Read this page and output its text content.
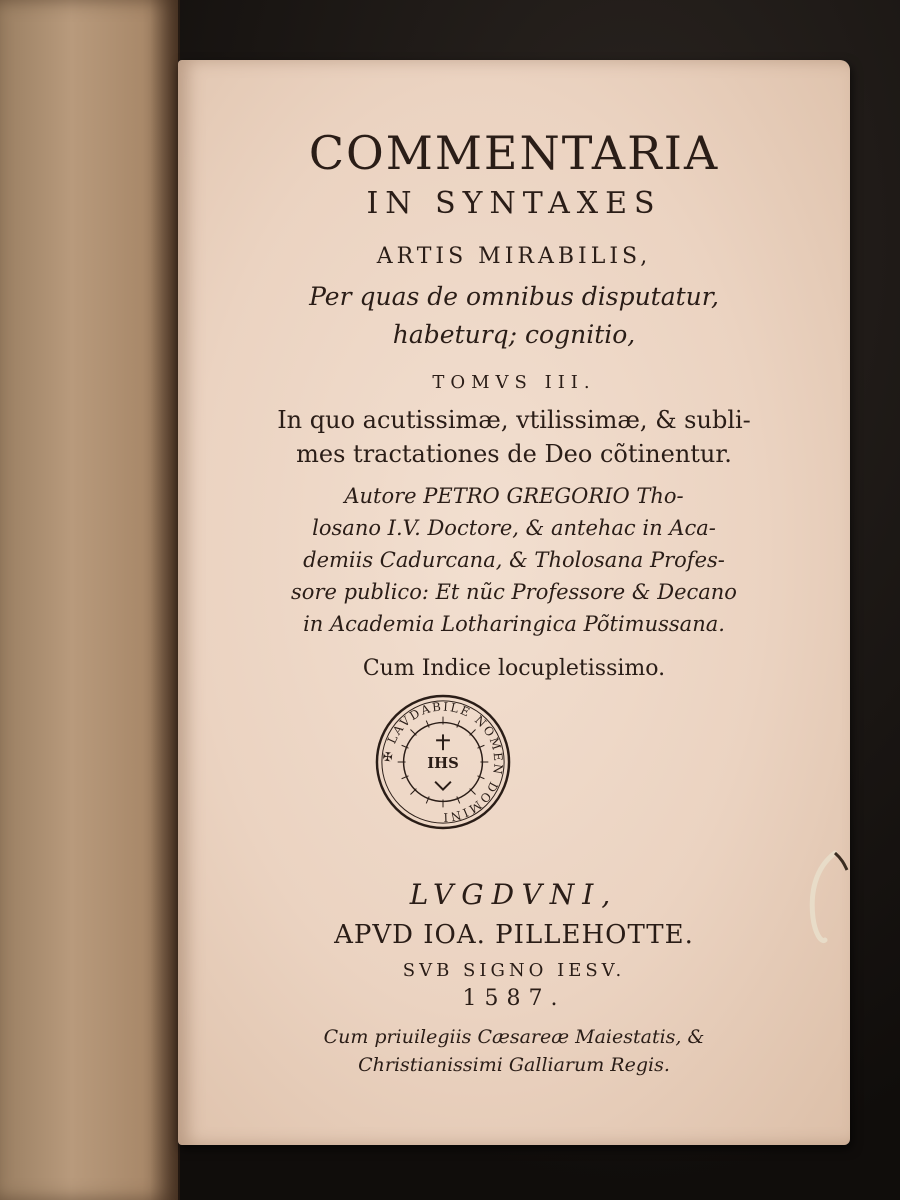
COMMENTARIA
IN SYNTAXES
ARTIS MIRABILIS,
Per quas de omnibus disputatur,
habeturq; cognitio,
TOMVS III.
In quo acutissimæ, vtilissimæ, & subli-
mes tractationes de Deo cõtinentur.
Autore PETRO GREGORIO Tho-
losano I.V. Doctore, & antehac in Aca-
demiis Cadurcana, & Tholosana Profes-
sore publico: Et nũc Professore & Decano
in Academia Lotharingica Põtimussana.
Cum Indice locupletissimo.
✠ LAVDABILE NOMEN DOMINI
IHS
LVGDVNI,
APVD IOA. PILLEHOTTE.
SVB SIGNO IESV.
1587.
Cum priuilegiis Cæsareæ Maiestatis, &
Christianissimi Galliarum Regis.
